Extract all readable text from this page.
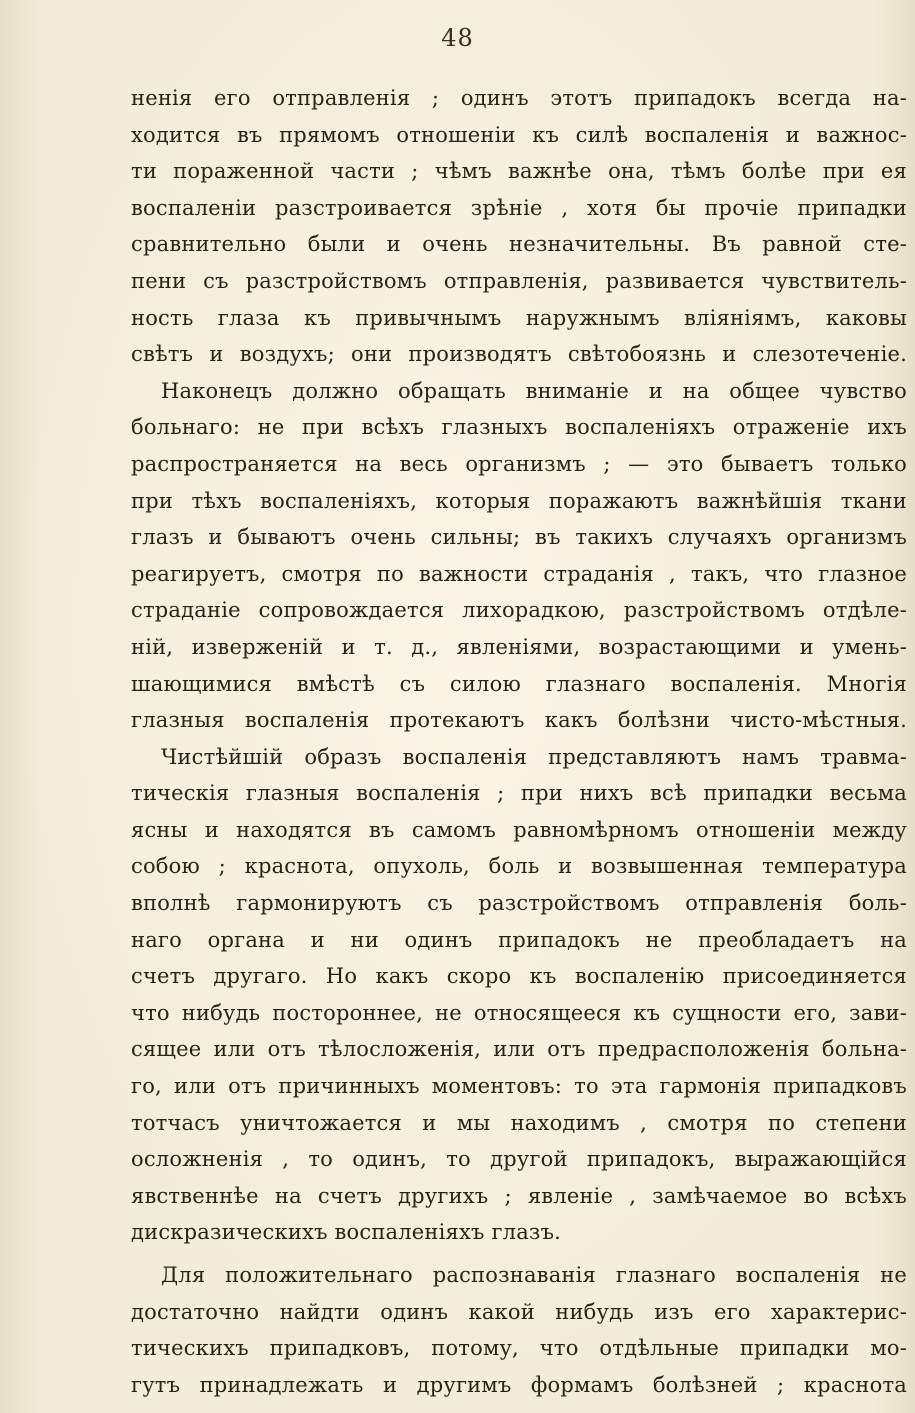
48
ненія его отправленія ; одинъ этотъ припадокъ всегда на-
ходится въ прямомъ отношеніи къ силѣ воспаленія и важнос-
ти пораженной части ; чѣмъ важнѣе она, тѣмъ болѣе при ея
воспаленіи разстроивается зрѣніе , хотя бы прочіе припадки
сравнительно были и очень незначительны. Въ равной сте-
пени съ разстройствомъ отправленія, развивается чувствитель-
ность глаза къ привычнымъ наружнымъ вліяніямъ, каковы
свѣтъ и воздухъ; они производятъ свѣтобоязнь и слезотеченіе.
Наконецъ должно обращать вниманіе и на общее чувство
больнаго: не при всѣхъ глазныхъ воспаленіяхъ отраженіе ихъ
распространяется на весь организмъ ; — это бываетъ только
при тѣхъ воспаленіяхъ, которыя поражаютъ важнѣйшія ткани
глазъ и бываютъ очень сильны; въ такихъ случаяхъ организмъ
реагируетъ, смотря по важности страданія , такъ, что глазное
страданіе сопровождается лихорадкою, разстройствомъ отдѣле-
ній, изверженій и т. д., явленіями, возрастающими и умень-
шающимися вмѣстѣ съ силою глазнаго воспаленія. Многія
глазныя воспаленія протекаютъ какъ болѣзни чисто-мѣстныя.
Чистѣйшій образъ воспаленія представляютъ намъ травма-
тическія глазныя воспаленія ; при нихъ всѣ припадки весьма
ясны и находятся въ самомъ равномѣрномъ отношеніи между
собою ; краснота, опухоль, боль и возвышенная температура
вполнѣ гармонируютъ съ разстройствомъ отправленія боль-
наго органа и ни одинъ припадокъ не преобладаетъ на
счетъ другаго. Но какъ скоро къ воспаленію присоединяется
что нибудь постороннее, не относящееся къ сущности его, зави-
сящее или отъ тѣлосложенія, или отъ предрасположенія больна-
го, или отъ причинныхъ моментовъ: то эта гармонія припадковъ
тотчасъ уничтожается и мы находимъ , смотря по степени
осложненія , то одинъ, то другой припадокъ, выражающійся
явственнѣе на счетъ другихъ ; явленіе , замѣчаемое во всѣхъ
дискразическихъ воспаленіяхъ глазъ.
Для положительнаго распознаванія глазнаго воспаленія не
достаточно найдти одинъ какой нибудь изъ его характерис-
тическихъ припадковъ, потому, что отдѣльные припадки мо-
гутъ принадлежать и другимъ формамъ болѣзней ; краснота
